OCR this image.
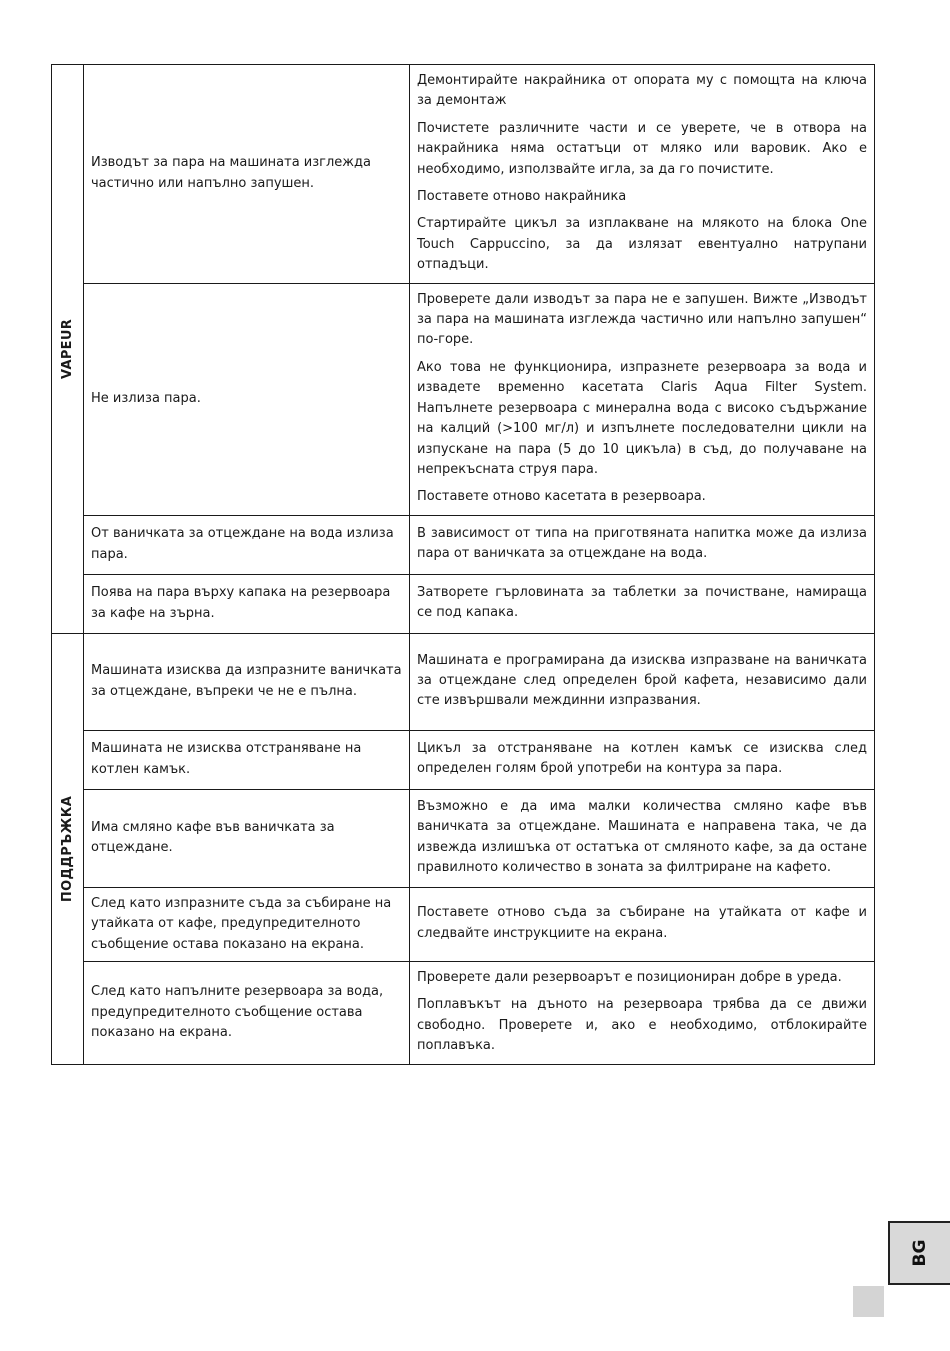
VAPEUR	Изводът за пара на машината изглежда частично или напълно запушен.	Демонтирайте накрайника от опората му с помощта на ключа за демонтаж

Почистете различните части и се уверете, че в отвора на накрайника няма остатъци от мляко или варовик. Ако е необходимо, използвайте игла, за да го почистите.

Поставете отново накрайника

Стартирайте цикъл за изплакване на млякото на блока One Touch Cappuccino, за да излязат евентуално натрупани отпадъци.

	Не излиза пара.	Проверете дали изводът за пара не е запушен. Вижте „Изводът за пара на машината изглежда частично или напълно запушен“ по-горе.

Ако това не функционира, изпразнете резервоара за вода и извадете временно касетата Claris Aqua Filter System. Напълнете резервоара с минерална вода с високо съдържание на калций (>100 мг/л) и изпълнете последователни цикли на изпускане на пара (5 до 10 цикъла) в съд, до получаване на непрекъсната струя пара.

Поставете отново касетата в резервоара.

	От ваничката за отцеждане на вода излиза пара.	В зависимост от типа на приготвяната напитка може да излиза пара от ваничката за отцеждане на вода.

	Поява на пара върху капака на резервоара за кафе на зърна.	Затворете гърловината за таблетки за почистване, намираща се под капака.

ПОДДРЪЖКА	Машината изисква да изпразните ваничката за отцеждане, въпреки че не е пълна.	Машината е програмирана да изисква изпразване на ваничката за отцеждане след определен брой кафета, независимо дали сте извършвали междинни изпразвания.

	Машината не изисква отстраняване на котлен камък.	Цикъл за отстраняване на котлен камък се изисква след определен голям брой употреби на контура за пара.

	Има смляно кафе във ваничката за отцеждане.	Възможно е да има малки количества смляно кафе във ваничката за отцеждане. Машината е направена така, че да извежда излишъка от остатъка от смляното кафе, за да остане правилното количество в зоната за филтриране на кафето.

	След като изпразните съда за събиране на утайката от кафе, предупредителното съобщение остава показано на екрана.	Поставете отново съда за събиране на утайката от кафе и следвайте инструкциите на екрана.

	След като напълните резервоара за вода, предупредителното съобщение остава показано на екрана.	Проверете дали резервоарът е позициониран добре в уреда.

Поплавъкът на дъното на резервоара трябва да се движи свободно. Проверете и, ако е необходимо, отблокирайте поплавъка.

BG
